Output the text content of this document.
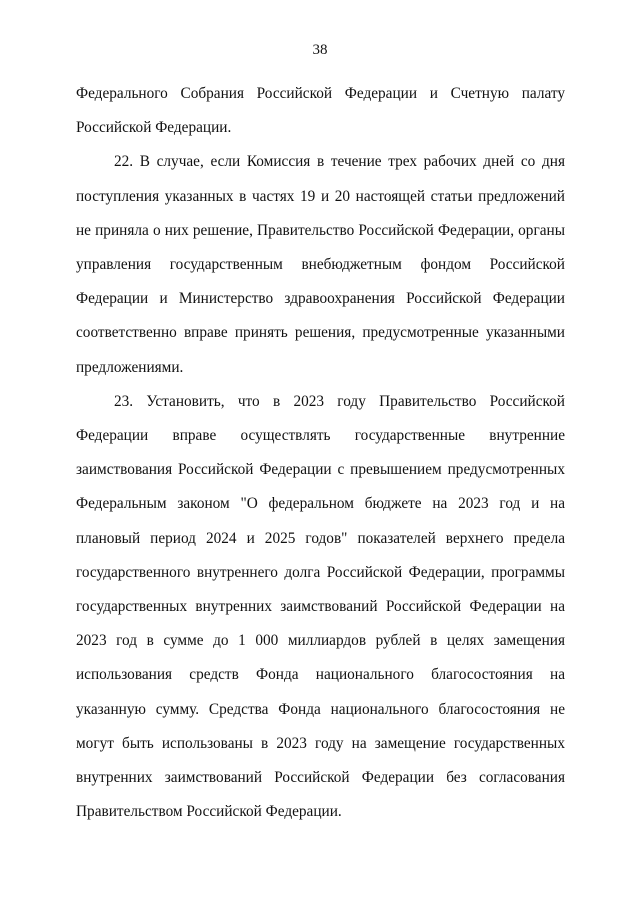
38

Федерального Собрания Российской Федерации и Счетную палату Российской Федерации.

22. В случае, если Комиссия в течение трех рабочих дней со дня поступления указанных в частях 19 и 20 настоящей статьи предложений не приняла о них решение, Правительство Российской Федерации, органы управления государственным внебюджетным фондом Российской Федерации и Министерство здравоохранения Российской Федерации соответственно вправе принять решения, предусмотренные указанными предложениями.

23. Установить, что в 2023 году Правительство Российской Федерации вправе осуществлять государственные внутренние заимствования Российской Федерации с превышением предусмотренных Федеральным законом "О федеральном бюджете на 2023 год и на плановый период 2024 и 2025 годов" показателей верхнего предела государственного внутреннего долга Российской Федерации, программы государственных внутренних заимствований Российской Федерации на 2023 год в сумме до 1 000 миллиардов рублей в целях замещения использования средств Фонда национального благосостояния на указанную сумму. Средства Фонда национального благосостояния не могут быть использованы в 2023 году на замещение государственных внутренних заимствований Российской Федерации без согласования Правительством Российской Федерации.
